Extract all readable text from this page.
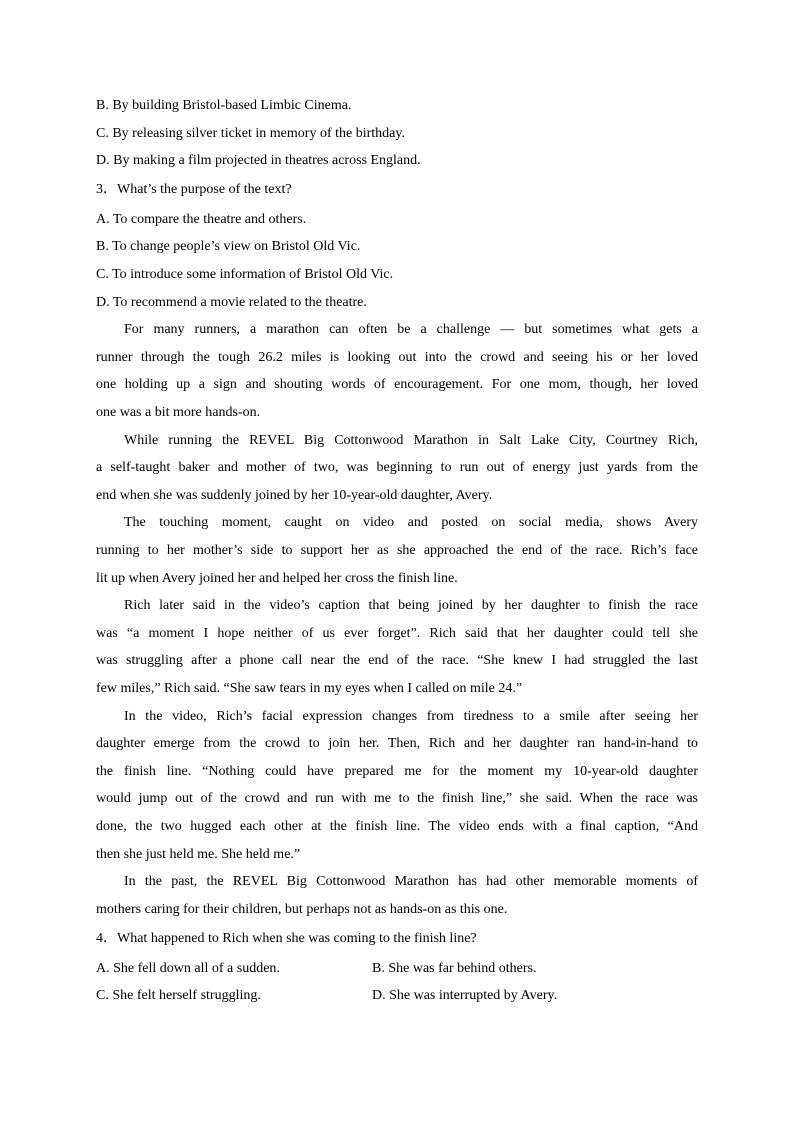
B. By building Bristol-based Limbic Cinema.
C. By releasing silver ticket in memory of the birthday.
D. By making a film projected in theatres across England.
3．What’s the purpose of the text?
A. To compare the theatre and others.
B. To change people’s view on Bristol Old Vic.
C. To introduce some information of Bristol Old Vic.
D. To recommend a movie related to the theatre.
For many runners, a marathon can often be a challenge — but sometimes what gets a
runner through the tough 26.2 miles is looking out into the crowd and seeing his or her loved
one holding up a sign and shouting words of encouragement. For one mom, though, her loved
one was a bit more hands-on.
While running the REVEL Big Cottonwood Marathon in Salt Lake City, Courtney Rich,
a self-taught baker and mother of two, was beginning to run out of energy just yards from the
end when she was suddenly joined by her 10-year-old daughter, Avery.
The touching moment, caught on video and posted on social media, shows Avery
running to her mother’s side to support her as she approached the end of the race. Rich’s face
lit up when Avery joined her and helped her cross the finish line.
Rich later said in the video’s caption that being joined by her daughter to finish the race
was “a moment I hope neither of us ever forget”. Rich said that her daughter could tell she
was struggling after a phone call near the end of the race. “She knew I had struggled the last
few miles,” Rich said. “She saw tears in my eyes when I called on mile 24.”
In the video, Rich’s facial expression changes from tiredness to a smile after seeing her
daughter emerge from the crowd to join her. Then, Rich and her daughter ran hand-in-hand to
the finish line. “Nothing could have prepared me for the moment my 10-year-old daughter
would jump out of the crowd and run with me to the finish line,” she said. When the race was
done, the two hugged each other at the finish line. The video ends with a final caption, “And
then she just held me. She held me.”
In the past, the REVEL Big Cottonwood Marathon has had other memorable moments of
mothers caring for their children, but perhaps not as hands-on as this one.
4．What happened to Rich when she was coming to the finish line?
A. She fell down all of a sudden.	B. She was far behind others.
C. She felt herself struggling.	D. She was interrupted by Avery.
